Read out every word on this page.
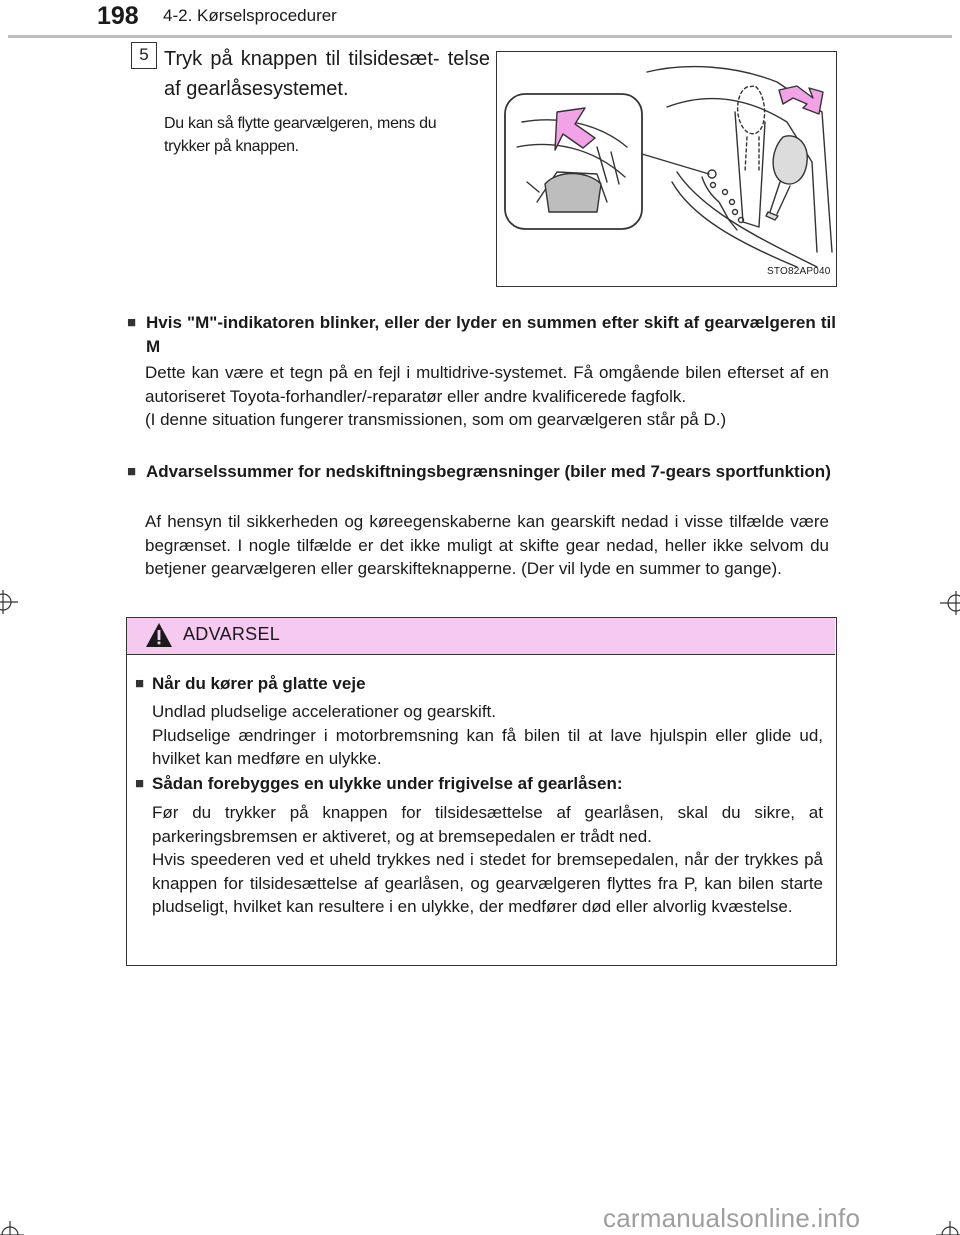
198 4-2. Kørselsprocedurer
5 Tryk på knappen til tilsidesæt- telse af gearlåsesystemet.
Du kan så flytte gearvælgeren, mens du trykker på knappen.
STO82AP040
■ Hvis "M"-indikatoren blinker, eller der lyder en summen efter skift af gearvælgeren til M

Dette kan være et tegn på en fejl i multidrive-systemet. Få omgående bilen efterset af en autoriseret Toyota-forhandler/-reparatør eller andre kvalificerede fagfolk.

(I denne situation fungerer transmissionen, som om gearvælgeren står på D.)

■ Advarselssummer for nedskiftningsbegrænsninger (biler med 7-gears sportfunktion)

Af hensyn til sikkerheden og køreegenskaberne kan gearskift nedad i visse tilfælde være begrænset. I nogle tilfælde er det ikke muligt at skifte gear nedad, heller ikke selvom du betjener gearvælgeren eller gearskifteknapperne. (Der vil lyde en summer to gange).

ADVARSEL
■ Når du kører på glatte veje

Undlad pludselige accelerationer og gearskift.

Pludselige ændringer i motorbremsning kan få bilen til at lave hjulspin eller glide ud, hvilket kan medføre en ulykke.

■ Sådan forebygges en ulykke under frigivelse af gearlåsen:

Før du trykker på knappen for tilsidesættelse af gearlåsen, skal du sikre, at parkeringsbremsen er aktiveret, og at bremsepedalen er trådt ned.

Hvis speederen ved et uheld trykkes ned i stedet for bremsepedalen, når der trykkes på knappen for tilsidesættelse af gearlåsen, og gearvælgeren flyttes fra P, kan bilen starte pludseligt, hvilket kan resultere i en ulykke, der medfører død eller alvorlig kvæstelse.

carmanualsonline.info
